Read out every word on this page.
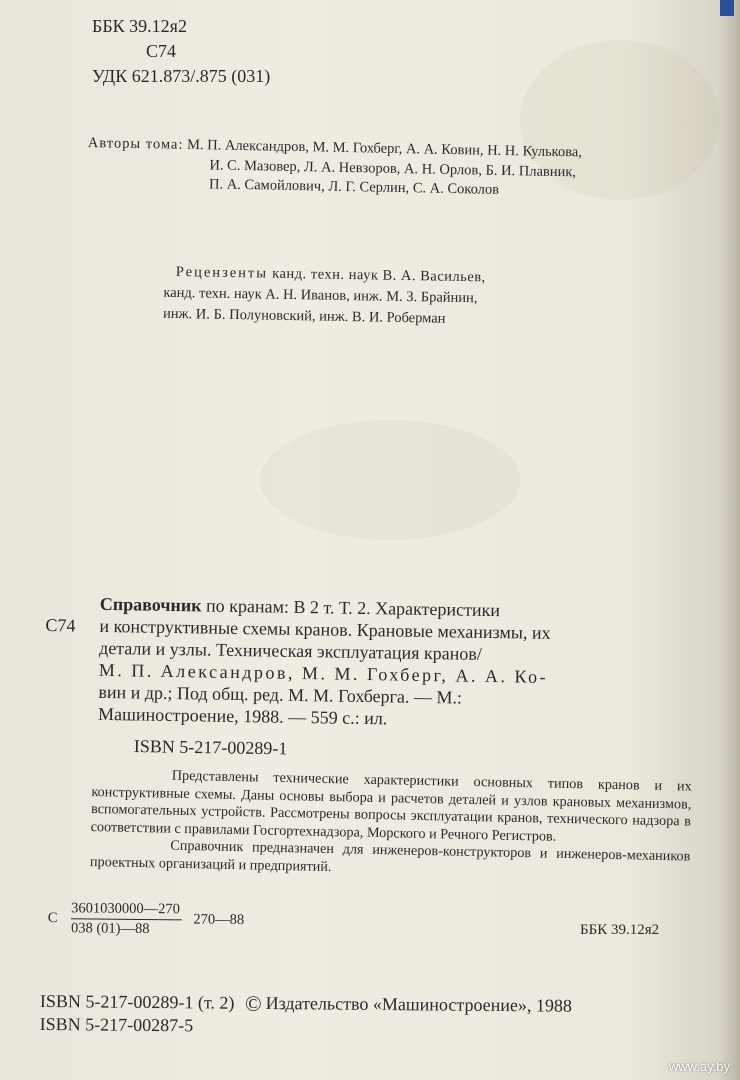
ББК 39.12я2
С74
УДК 621.873/.875 (031)
Авторы тома: М. П. Александров, М. М. Гохберг, А. А. Ковин, Н. Н. Кулькова,
И. С. Мазовер, Л. А. Невзоров, А. Н. Орлов, Б. И. Плавник,
П. А. Самойлович, Л. Г. Серлин, С. А. Соколов
Рецензенты канд. техн. наук В. А. Васильев,
канд. техн. наук А. Н. Иванов, инж. М. З. Брайнин,
инж. И. Б. Полуновский, инж. В. И. Роберман
Справочник по кранам: В 2 т. Т. 2. Характеристики
С74	и конструктивные схемы кранов. Крановые механизмы, их
детали и узлы. Техническая эксплуатация кранов/
М. П. Александров, М. М. Гохберг, А. А. Ко-
вин и др.; Под общ. ред. М. М. Гохберга. — М.:
Машиностроение, 1988. — 559 с.: ил.
ISBN 5-217-00289-1

Представлены технические характеристики основных типов кранов и их конструктивные схемы. Даны основы выбора и расчетов деталей и узлов крановых механизмов, вспомогательных устройств. Рассмотрены вопросы эксплуатации кранов, технического надзора в соответствии с правилами Госгортехнадзора, Морского и Речного Регистров.

Справочник предназначен для инженеров-конструкторов и инженеров-механиков проектных организаций и предприятий.

С $\frac{3601030000—270}{038 (01)—88}$ 270—88
ББК 39.12я2
ISBN 5-217-00289-1 (т. 2) © Издательство «Машиностроение», 1988
ISBN 5-217-00287-5
www.ay.by
